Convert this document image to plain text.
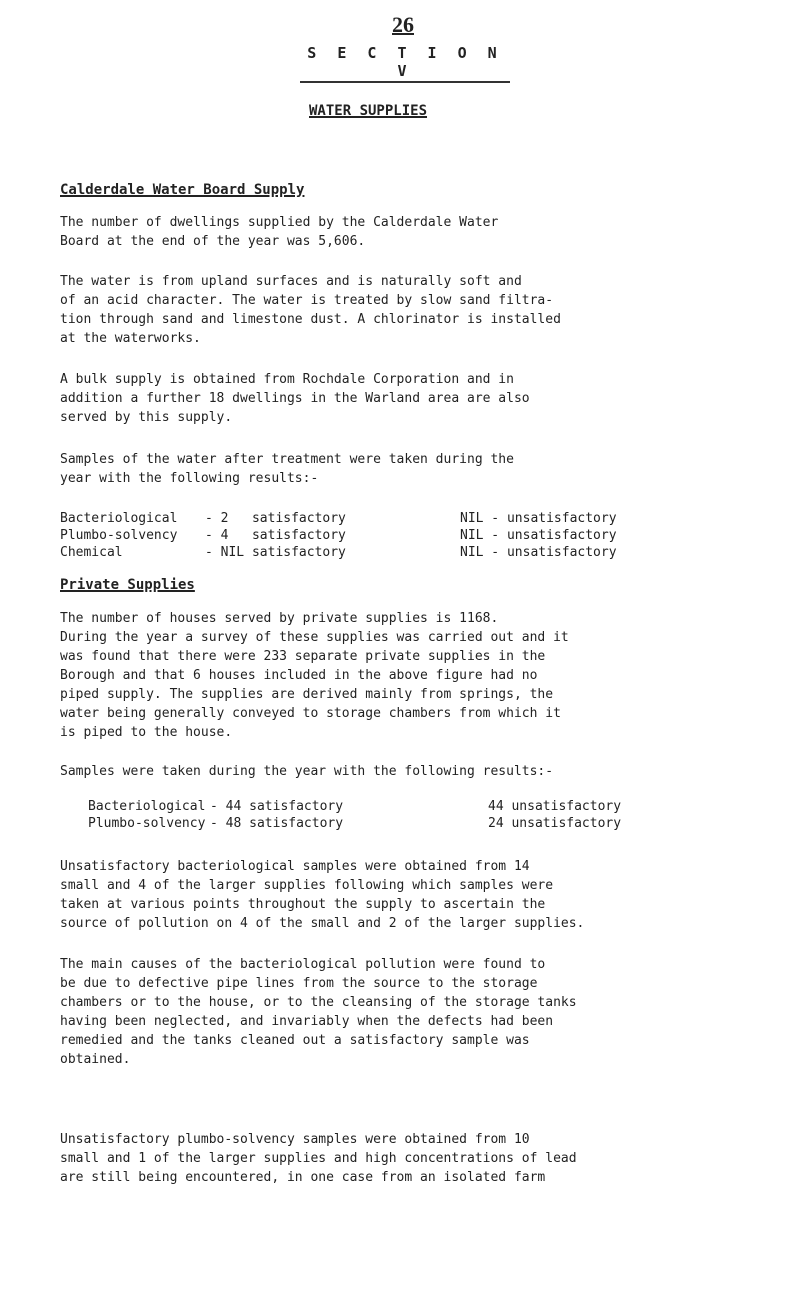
26
S E C T I O N V
WATER SUPPLIES
Calderdale Water Board Supply
The number of dwellings supplied by the Calderdale Water
Board at the end of the year was 5,606.
The water is from upland surfaces and is naturally soft and
of an acid character. The water is treated by slow sand filtra-
tion through sand and limestone dust. A chlorinator is installed
at the waterworks.
A bulk supply is obtained from Rochdale Corporation and in
addition a further 18 dwellings in the Warland area are also
served by this supply.
Samples of the water after treatment were taken during the
year with the following results:-
Bacteriological	- 2   satisfactory	NIL - unsatisfactory
Plumbo-solvency	- 4   satisfactory	NIL - unsatisfactory
Chemical	- NIL satisfactory	NIL - unsatisfactory
Private Supplies
The number of houses served by private supplies is 1168.
During the year a survey of these supplies was carried out and it
was found that there were 233 separate private supplies in the
Borough and that 6 houses included in the above figure had no
piped supply. The supplies are derived mainly from springs, the
water being generally conveyed to storage chambers from which it
is piped to the house.
Samples were taken during the year with the following results:-
Bacteriological - 44 satisfactory	44 unsatisfactory
Plumbo-solvency - 48 satisfactory	24 unsatisfactory
Unsatisfactory bacteriological samples were obtained from 14
small and 4 of the larger supplies following which samples were
taken at various points throughout the supply to ascertain the
source of pollution on 4 of the small and 2 of the larger supplies.
The main causes of the bacteriological pollution were found to
be due to defective pipe lines from the source to the storage
chambers or to the house, or to the cleansing of the storage tanks
having been neglected, and invariably when the defects had been
remedied and the tanks cleaned out a satisfactory sample was
obtained.
Unsatisfactory plumbo-solvency samples were obtained from 10
small and 1 of the larger supplies and high concentrations of lead
are still being encountered, in one case from an isolated farm
